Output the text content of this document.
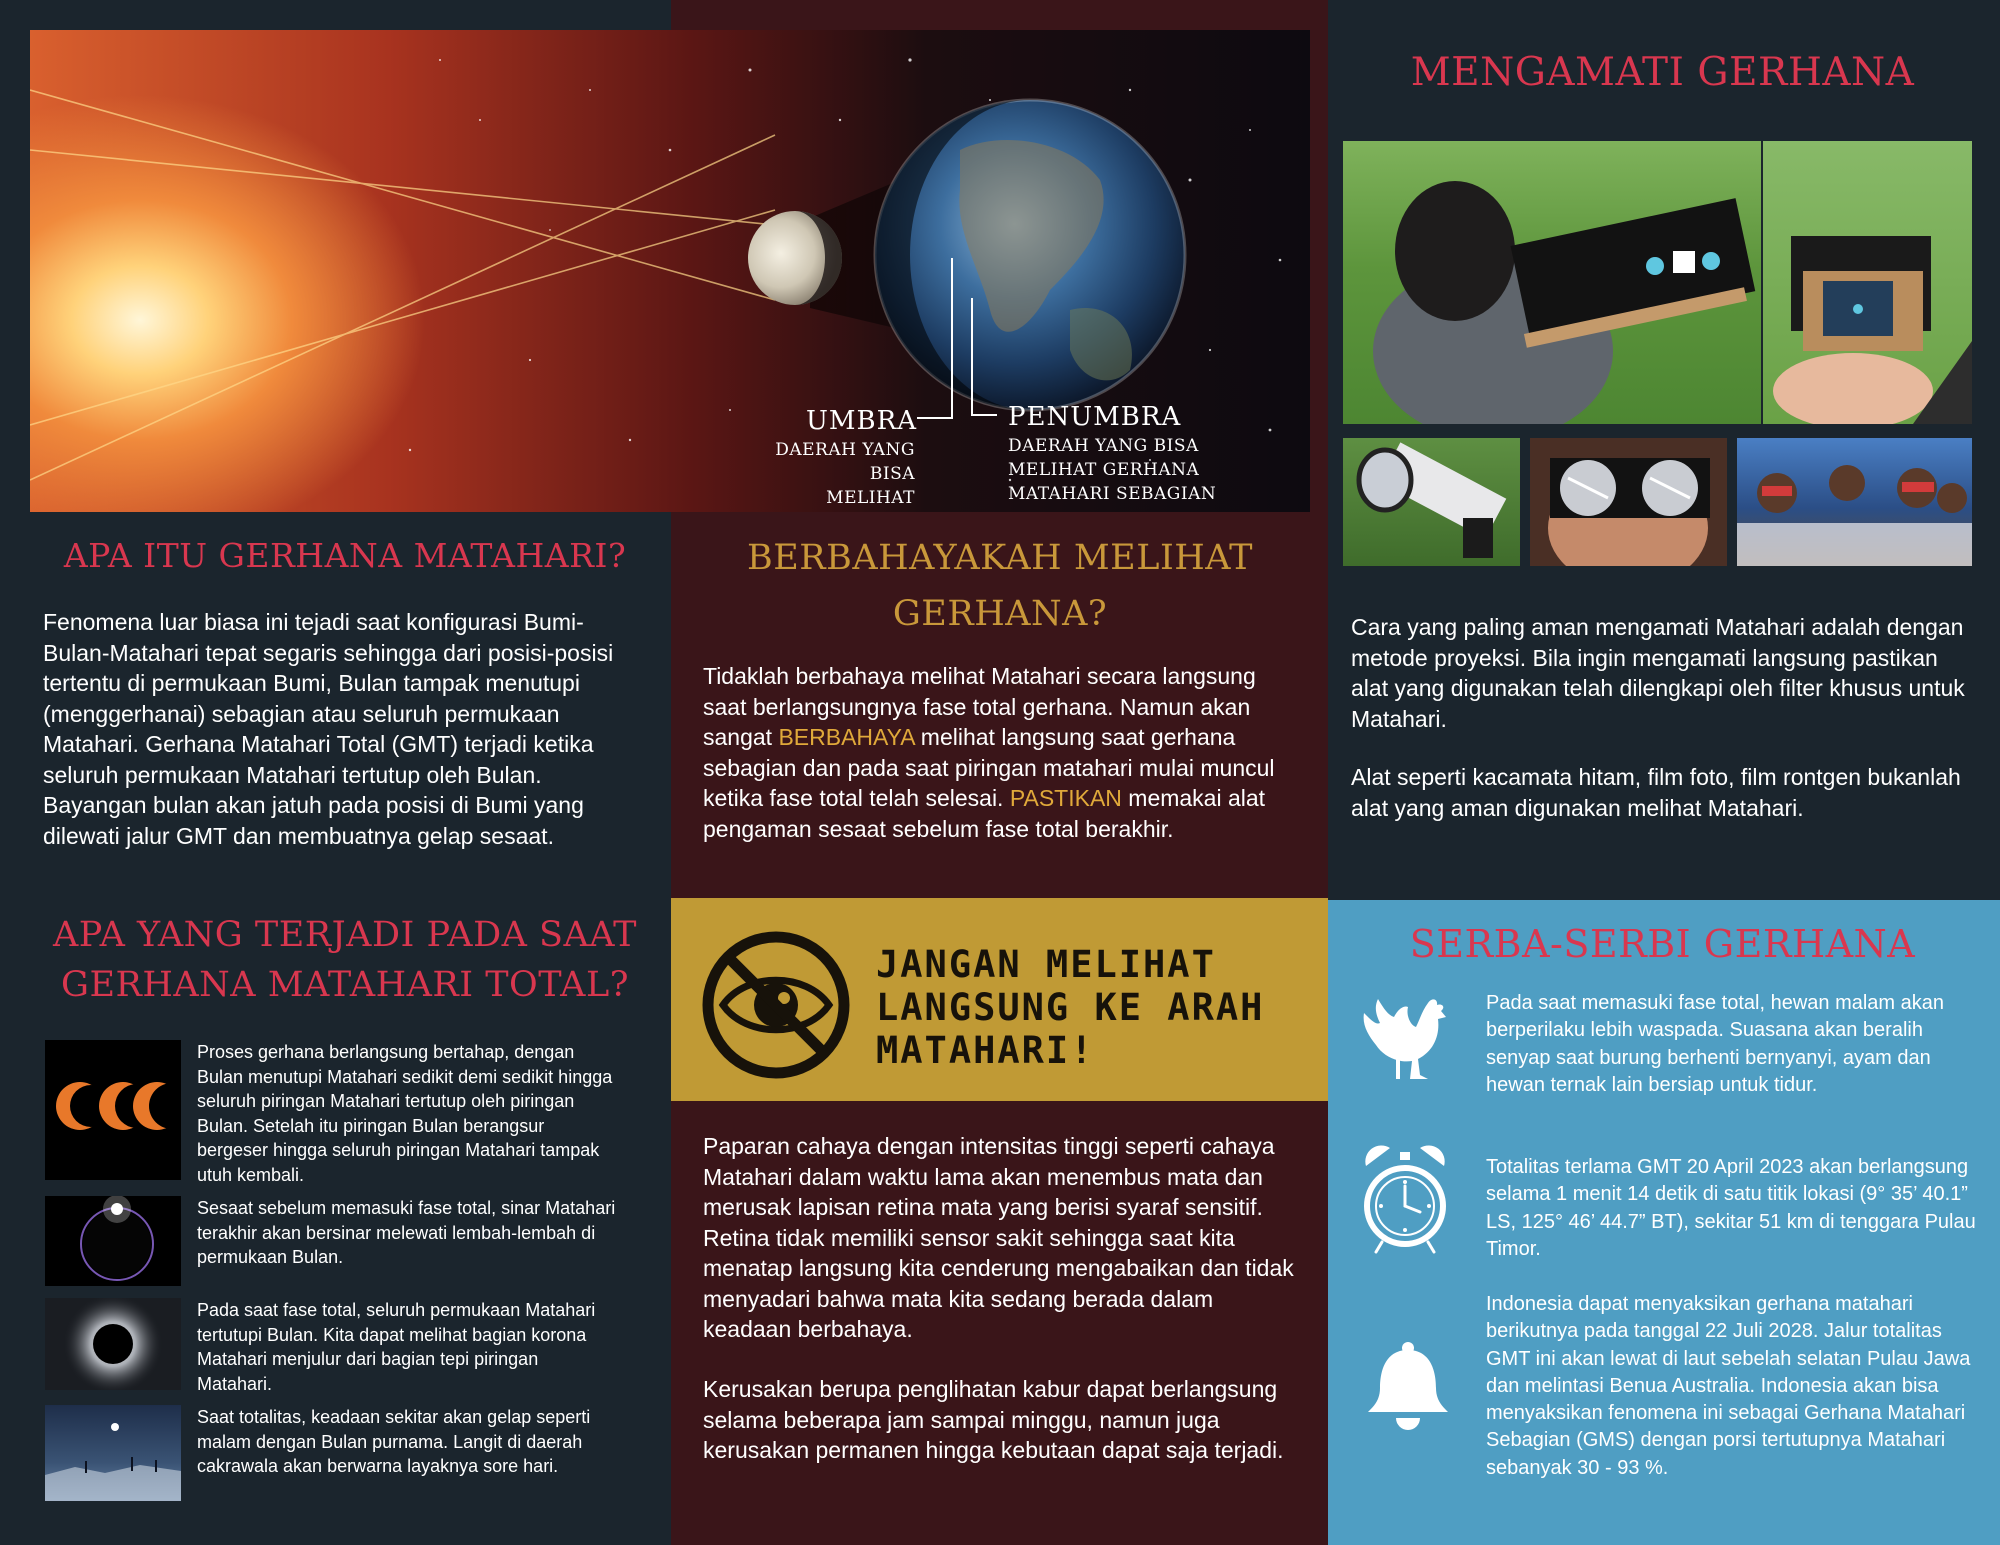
UMBRA
DAERAH YANG BISA
MELIHAT
PENUMBRA
DAERAH YANG BISA
MELIHAT GERHANA
MATAHARI SEBAGIAN
APA ITU GERHANA MATAHARI?

Fenomena luar biasa ini tejadi saat konfigurasi Bumi-Bulan-Matahari tepat segaris sehingga dari posisi-posisi tertentu di permukaan Bumi, Bulan tampak menutupi (menggerhanai) sebagian atau seluruh permukaan Matahari. Gerhana Matahari Total (GMT) terjadi ketika seluruh permukaan Matahari tertutup oleh Bulan. Bayangan bulan akan jatuh pada posisi di Bumi yang dilewati jalur GMT dan membuatnya gelap sesaat.

APA YANG TERJADI PADA SAAT
GERHANA MATAHARI TOTAL?
Proses gerhana berlangsung bertahap, dengan Bulan menutupi Matahari sedikit demi sedikit hingga seluruh piringan Matahari tertutup oleh piringan Bulan. Setelah itu piringan Bulan berangsur bergeser hingga seluruh piringan Matahari tampak utuh kembali.
Sesaat sebelum memasuki fase total, sinar Matahari terakhir akan bersinar melewati lembah-lembah di permukaan Bulan.
Pada saat fase total, seluruh permukaan Matahari tertutupi Bulan. Kita dapat melihat bagian korona Matahari menjulur dari bagian tepi piringan Matahari.
Saat totalitas, keadaan sekitar akan gelap seperti malam dengan Bulan purnama. Langit di daerah cakrawala akan berwarna layaknya sore hari.
BERBAHAYAKAH MELIHAT
GERHANA?

Tidaklah berbahaya melihat Matahari secara langsung saat berlangsungnya fase total gerhana. Namun akan sangat BERBAHAYA melihat langsung saat gerhana sebagian dan pada saat piringan matahari mulai muncul ketika fase total telah selesai. PASTIKAN memakai alat pengaman sesaat sebelum fase total berakhir.

JANGAN MELIHAT LANGSUNG KE ARAH MATAHARI!

Paparan cahaya dengan intensitas tinggi seperti cahaya Matahari dalam waktu lama akan menembus mata dan merusak lapisan retina mata yang berisi syaraf sensitif. Retina tidak memiliki sensor sakit sehingga saat kita menatap langsung kita cenderung mengabaikan dan tidak menyadari bahwa mata kita sedang berada dalam keadaan berbahaya.

Kerusakan berupa penglihatan kabur dapat berlangsung selama beberapa jam sampai minggu, namun juga kerusakan permanen hingga kebutaan dapat saja terjadi.

MENGAMATI GERHANA

Cara yang paling aman mengamati Matahari adalah dengan metode proyeksi. Bila ingin mengamati langsung pastikan alat yang digunakan telah dilengkapi oleh filter khusus untuk Matahari.

Alat seperti kacamata hitam, film foto, film rontgen bukanlah alat yang aman digunakan melihat Matahari.

SERBA-SERBI GERHANA

Pada saat memasuki fase total, hewan malam akan berperilaku lebih waspada. Suasana akan beralih senyap saat burung berhenti bernyanyi, ayam dan hewan ternak lain bersiap untuk tidur.

Totalitas terlama GMT 20 April 2023 akan berlangsung selama 1 menit 14 detik di satu titik lokasi (9° 35’ 40.1” LS, 125° 46’ 44.7” BT), sekitar 51 km di tenggara Pulau Timor.

Indonesia dapat menyaksikan gerhana matahari berikutnya pada tanggal 22 Juli 2028. Jalur totalitas GMT ini akan lewat di laut sebelah selatan Pulau Jawa dan melintasi Benua Australia. Indonesia akan bisa menyaksikan fenomena ini sebagai Gerhana Matahari Sebagian (GMS) dengan porsi tertutupnya Matahari sebanyak 30 - 93 %.
